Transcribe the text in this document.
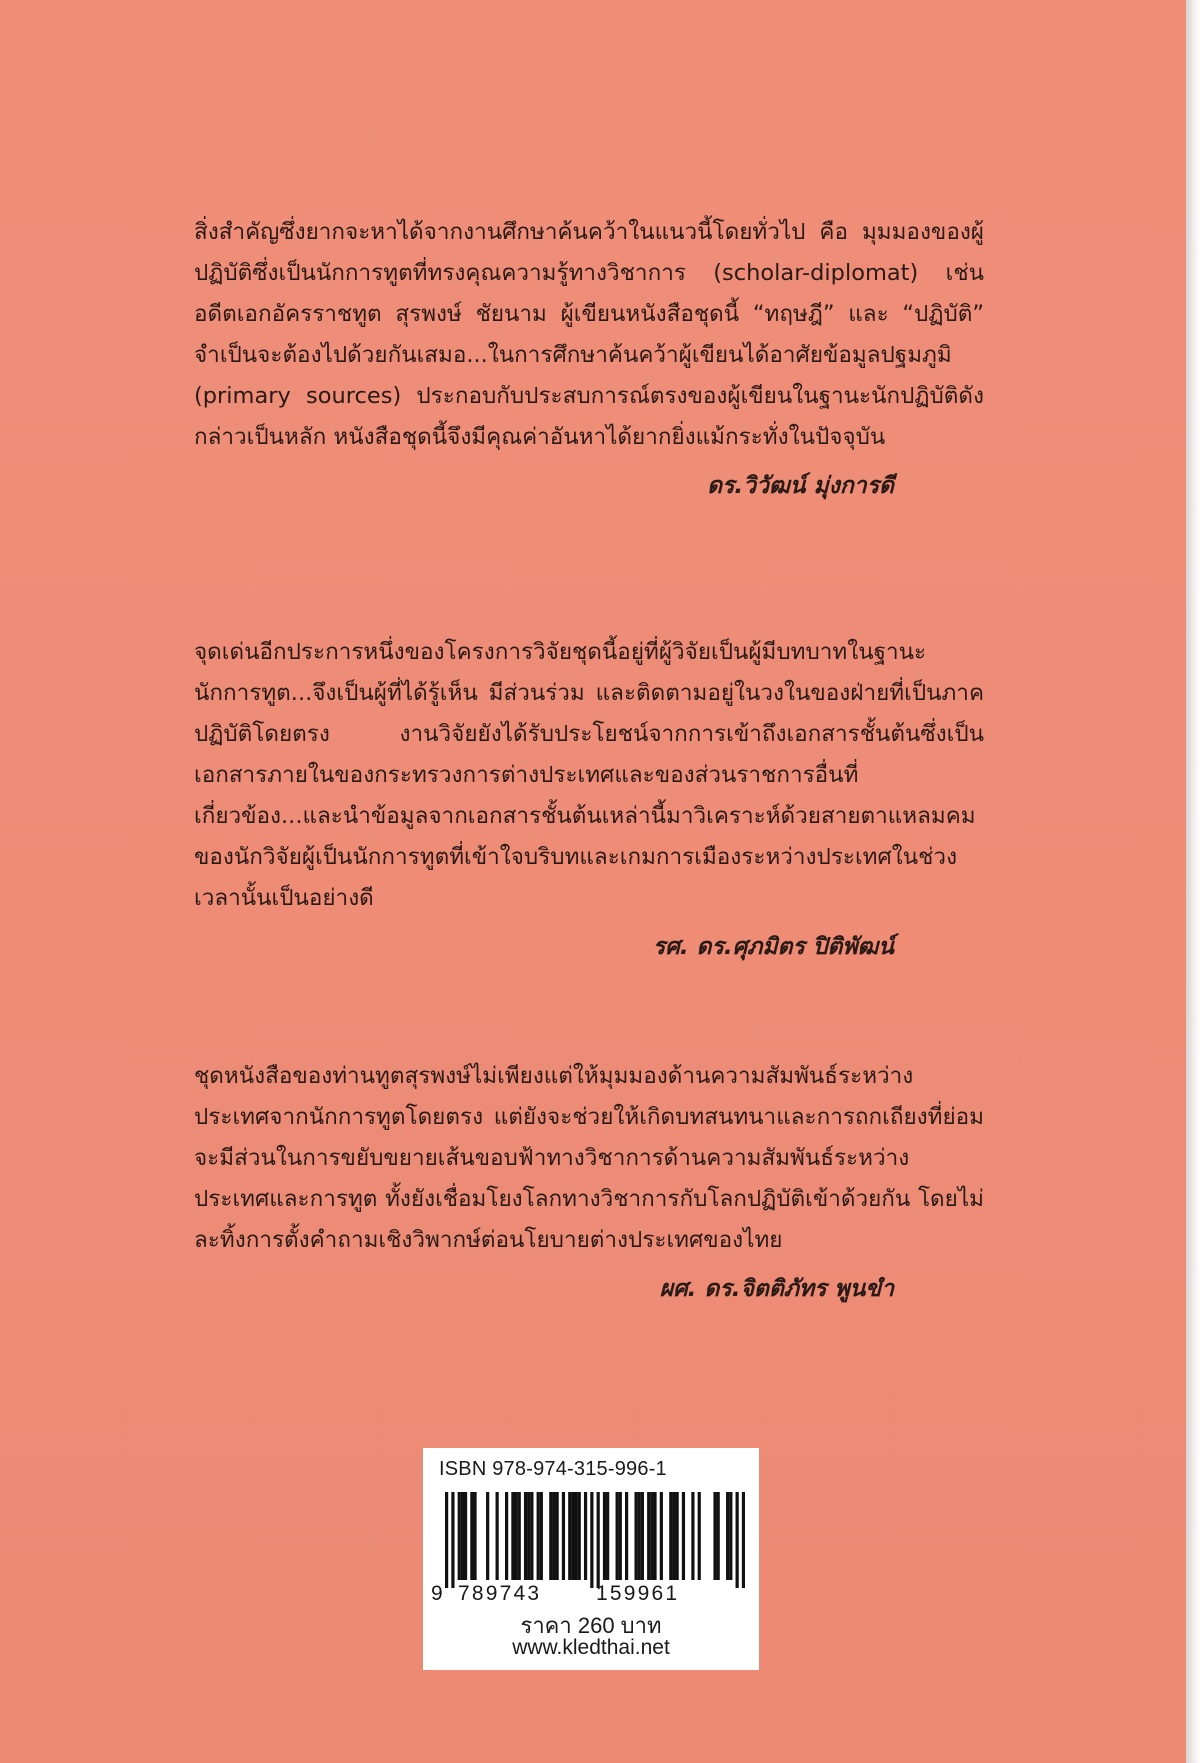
สิ่งสำคัญซึ่งยากจะหาได้จากงานศึกษาค้นคว้าในแนวนี้โดยทั่วไป คือ มุมมองของผู้ปฏิบัติซึ่งเป็นนักการทูตที่ทรงคุณความรู้ทางวิชาการ (scholar-diplomat) เช่น อดีตเอกอัครราชทูต สุรพงษ์ ชัยนาม ผู้เขียนหนังสือชุดนี้ “ทฤษฎี” และ “ปฏิบัติ” จำเป็นจะต้องไปด้วยกันเสมอ...ในการศึกษาค้นคว้าผู้เขียนได้อาศัยข้อมูลปฐมภูมิ (primary sources) ประกอบกับประสบการณ์ตรงของผู้เขียนในฐานะนักปฏิบัติดังกล่าวเป็นหลัก หนังสือชุดนี้จึงมีคุณค่าอันหาได้ยากยิ่งแม้กระทั่งในปัจจุบัน
ดร.วิวัฒน์ มุ่งการดี
จุดเด่นอีกประการหนึ่งของโครงการวิจัยชุดนี้อยู่ที่ผู้วิจัยเป็นผู้มีบทบาทในฐานะนักการทูต...จึงเป็นผู้ที่ได้รู้เห็น มีส่วนร่วม และติดตามอยู่ในวงในของฝ่ายที่เป็นภาคปฏิบัติโดยตรง งานวิจัยยังได้รับประโยชน์จากการเข้าถึงเอกสารชั้นต้นซึ่งเป็นเอกสารภายในของกระทรวงการต่างประเทศและของส่วนราชการอื่นที่เกี่ยวข้อง...และนำข้อมูลจากเอกสารชั้นต้นเหล่านี้มาวิเคราะห์ด้วยสายตาแหลมคมของนักวิจัยผู้เป็นนักการทูตที่เข้าใจบริบทและเกมการเมืองระหว่างประเทศในช่วงเวลานั้นเป็นอย่างดี
รศ. ดร.ศุภมิตร ปิติพัฒน์
ชุดหนังสือของท่านทูตสุรพงษ์ไม่เพียงแต่ให้มุมมองด้านความสัมพันธ์ระหว่างประเทศจากนักการทูตโดยตรง แต่ยังจะช่วยให้เกิดบทสนทนาและการถกเถียงที่ย่อมจะมีส่วนในการขยับขยายเส้นขอบฟ้าทางวิชาการด้านความสัมพันธ์ระหว่างประเทศและการทูต ทั้งยังเชื่อมโยงโลกทางวิชาการกับโลกปฏิบัติเข้าด้วยกัน โดยไม่ละทิ้งการตั้งคำถามเชิงวิพากษ์ต่อนโยบายต่างประเทศของไทย
ผศ. ดร.จิตติภัทร พูนขำ
ISBN 978-974-315-996-1
9 789743	159961
ราคา 260 บาท
www.kledthai.net
